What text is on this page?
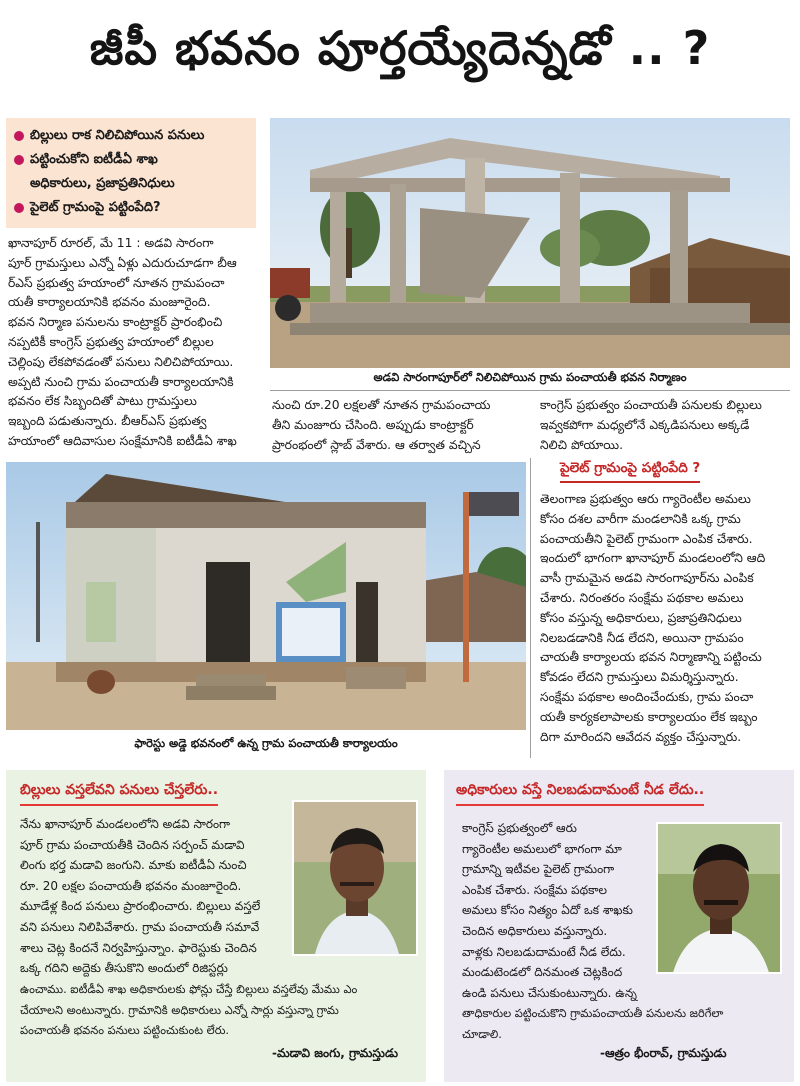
జీపీ భవనం పూర్తయ్యేదెన్నడో .. ?
బిల్లులు రాక నిలిచిపోయిన పనులు
పట్టించుకోని ఐటీడీఏ శాఖ
అధికారులు, ప్రజాప్రతినిధులు
పైలెట్ గ్రామంపై పట్టింపేది?

ఖానాపూర్ రూరల్, మే 11 : అడవి సారంగా

పూర్ గ్రామస్తులు ఎన్నో ఏళ్లు ఎదురుచూడగా బీఆ

ర్ఎస్ ప్రభుత్వ హయాంలో నూతన గ్రామపంచా

యతీ కార్యాలయానికి భవనం మంజూరైంది.

భవన నిర్మాణ పనులను కాంట్రాక్టర్ ప్రారంభించి

నప్పటికీ కాంగ్రెస్ ప్రభుత్వ హయాంలో బిల్లుల

చెల్లింపు లేకపోవడంతో పనులు నిలిచిపోయాయి.

అప్పటి నుంచి గ్రామ పంచాయతీ కార్యాలయానికి

భవనం లేక సిబ్బందితో పాటు గ్రామస్తులు

ఇబ్బంది పడుతున్నారు. బీఆర్ఎస్ ప్రభుత్వ

హయాంలో ఆదివాసుల సంక్షేమానికి ఐటీడీఏ శాఖ

అడవి సారంగాపూర్‌లో నిలిచిపోయిన గ్రామ పంచాయతీ భవన నిర్మాణం

నుంచి రూ.20 లక్షలతో నూతన గ్రామపంచాయ

తీని మంజూరు చేసింది. అప్పుడు కాంట్రాక్టర్

ప్రారంభంలో స్లాబ్ వేశారు. ఆ తర్వాత వచ్చిన

కాంగ్రెస్ ప్రభుత్వం పంచాయతీ పనులకు బిల్లులు

ఇవ్వకపోగా మధ్యలోనే ఎక్కడిపనులు అక్కడే

నిలిచి పోయాయి.

ఫారెస్టు అడ్డె భవనంలో ఉన్న గ్రామ పంచాయతీ కార్యాలయం
పైలెట్ గ్రామంపై పట్టింపేది ?

తెలంగాణ ప్రభుత్వం ఆరు గ్యారెంటీల అమలు

కోసం దశల వారీగా మండలానికి ఒక్క గ్రామ

పంచాయతీని పైలెట్ గ్రామంగా ఎంపిక చేశారు.

ఇందులో భాగంగా ఖానాపూర్ మండలంలోని ఆది

వాసీ గ్రామమైన అడవి సారంగాపూర్‌ను ఎంపిక

చేశారు. నిరంతరం సంక్షేమ పథకాల అమలు

కోసం వస్తున్న అధికారులు, ప్రజాప్రతినిధులు

నిలబడడానికి నీడ లేదని, అయినా గ్రామపం

చాయతీ కార్యాలయ భవన నిర్మాణాన్ని పట్టించు

కోవడం లేదని గ్రామస్తులు విమర్శిస్తున్నారు.

సంక్షేమ పథకాల అందించేందుకు, గ్రామ పంచా

యతీ కార్యకలాపాలకు కార్యాలయం లేక ఇబ్బం

దిగా మారిందని ఆవేదన వ్యక్తం చేస్తున్నారు.

బిల్లులు వస్తలేవని పనులు చేస్తలేరు..

నేను ఖానాపూర్ మండలంలోని అడవి సారంగా

పూర్ గ్రామ పంచాయతీకి చెందిన సర్పంచ్ మడావి

లింగు భర్త మడావి జంగుని. మాకు ఐటీడీఏ నుంచి

రూ. 20 లక్షల పంచాయతీ భవనం మంజూరైంది.

మూడేళ్ల కింద పనులు ప్రారంభించారు. బిల్లులు వస్తలే

వని పనులు నిలిపివేశారు. గ్రామ పంచాయతీ సమావే

శాలు చెట్ల కిందనే నిర్వహిస్తున్నాం. ఫారెస్టుకు చెందిన

ఒక్క గదిని అద్దెకు తీసుకొని అందులో రిజిస్టర్లు

ఉంచాము. ఐటీడీఏ శాఖ అధికారులకు ఫోన్లు చేస్తే బిల్లులు వస్తలేవు మేము ఎం

చేయాలని అంటున్నారు. గ్రామానికి అధికారులు ఎన్నో సార్లు వస్తున్నా గ్రామ

పంచాయతీ భవనం పనులు పట్టించుకుంట లేరు.

-మడావి జంగు, గ్రామస్తుడు
అధికారులు వస్తే నిలబడుదామంటే నీడ లేదు..

కాంగ్రెస్ ప్రభుత్వంలో ఆరు

గ్యారెంటీల అమలులో భాగంగా మా

గ్రామాన్ని ఇటీవల పైలెట్ గ్రామంగా

ఎంపిక చేశారు. సంక్షేమ పథకాల

అమలు కోసం నిత్యం ఏదో ఒక శాఖకు

చెందిన అధికారులు వస్తున్నారు.

వాళ్లకు నిలబడుదామంటే నీడ లేదు.

మండుటెండలో దినమంత చెట్లకింద

ఉండి పనులు చేసుకుంటున్నారు. ఉన్న

తాధికారుల పట్టించుకొని గ్రామపంచాయతీ పనులను జరిగేలా

చూడాలి.

-ఆత్రం భీంరావ్, గ్రామస్తుడు
